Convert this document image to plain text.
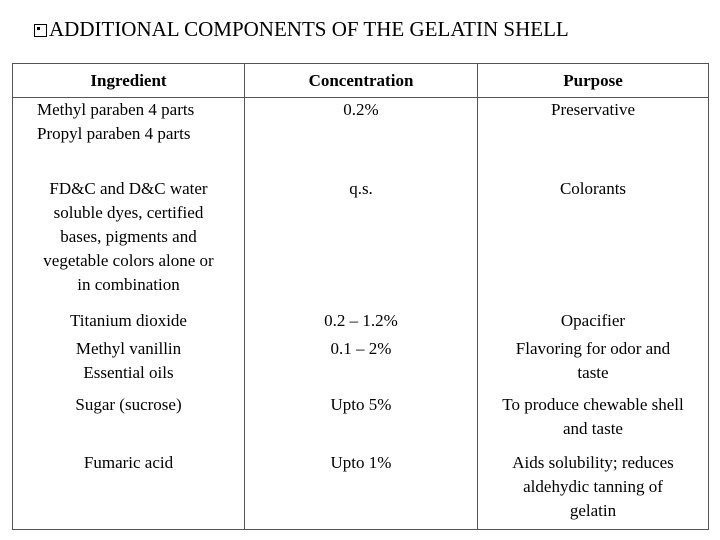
ADDITIONAL COMPONENTS OF THE GELATIN SHELL
Ingredient	Concentration	Purpose

Methyl paraben 4 parts
Propyl paraben 4 parts	0.2%	Preservative

FD&C and D&C water
soluble dyes, certified
bases, pigments and
vegetable colors alone or
in combination	q.s.	Colorants

Titanium dioxide	0.2 – 1.2%	Opacifier

Methyl vanillin
Essential oils	0.1 – 2%	Flavoring for odor and
taste

Sugar (sucrose)	Upto 5%	To produce chewable shell
and taste

Fumaric acid	Upto 1%	Aids solubility; reduces
aldehydic tanning of
gelatin
